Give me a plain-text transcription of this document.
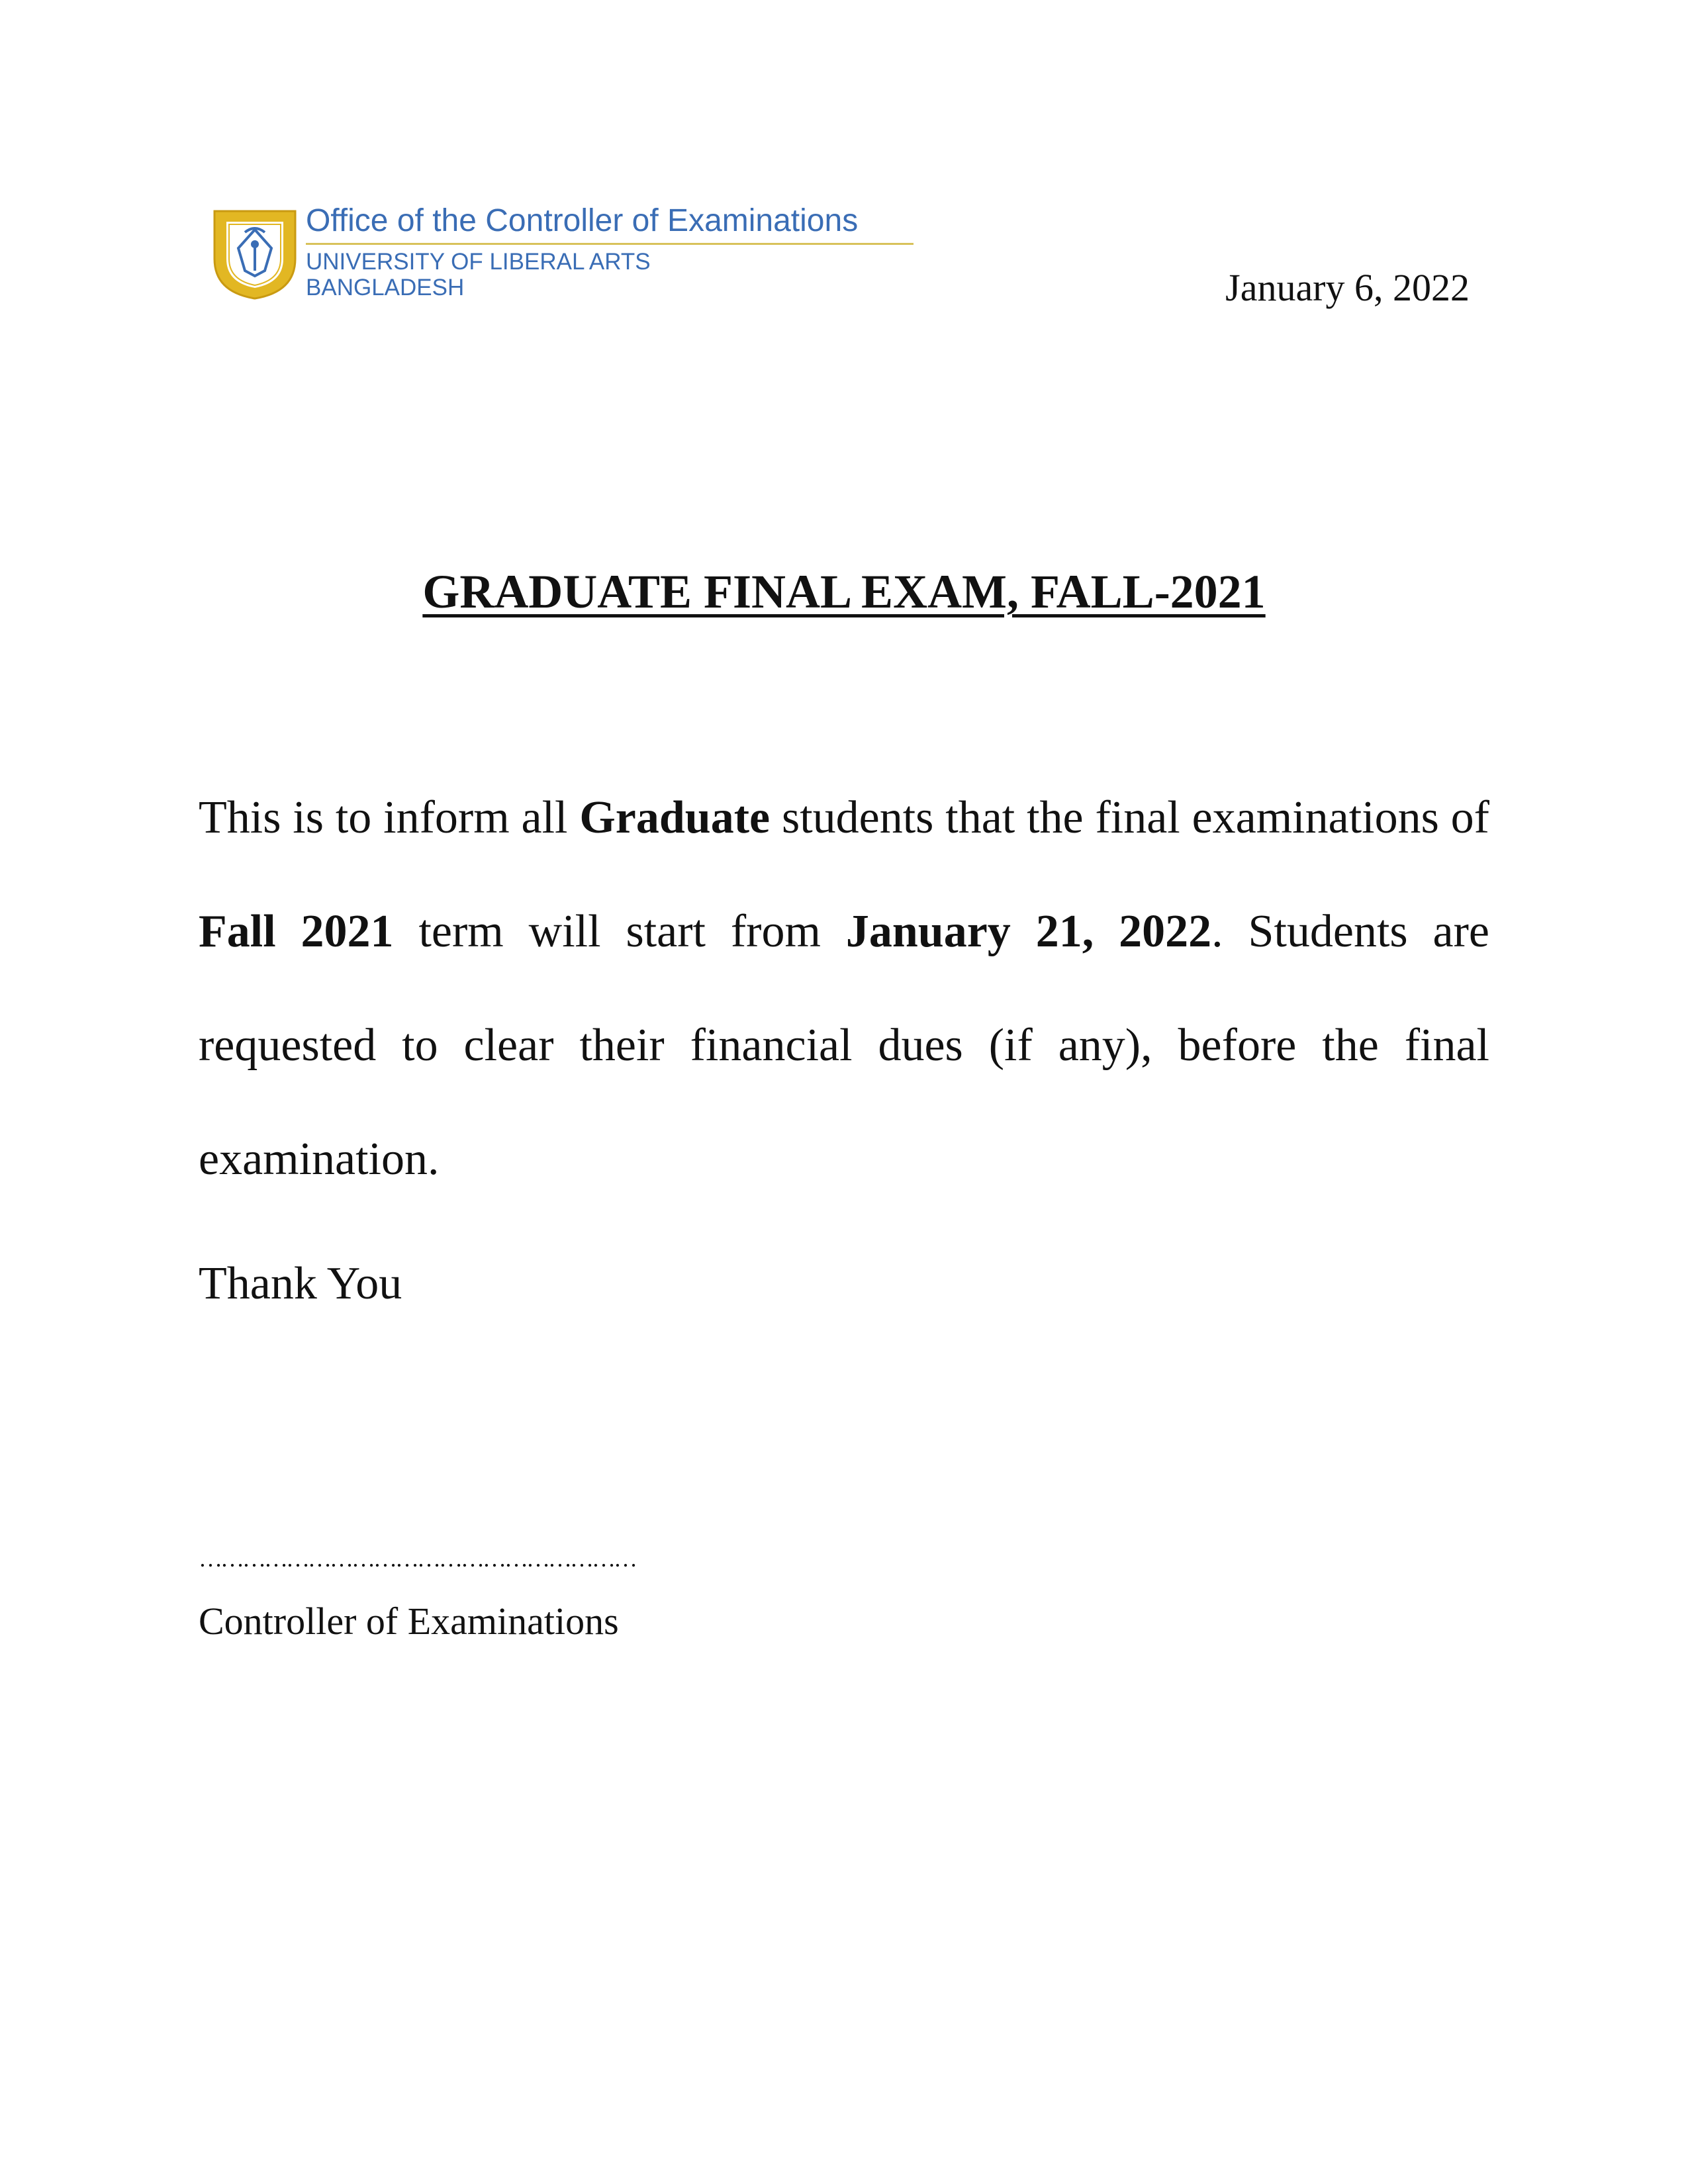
Office of the Controller of Examinations
UNIVERSITY OF LIBERAL ARTS
BANGLADESH	January 6, 2022
GRADUATE FINAL EXAM, FALL-2021
This is to inform all Graduate students that the final examinations of Fall 2021 term will start from January 21, 2022. Students are requested to clear their financial dues (if any), before the final examination.
Thank You
……………………………………………………
Controller of Examinations
